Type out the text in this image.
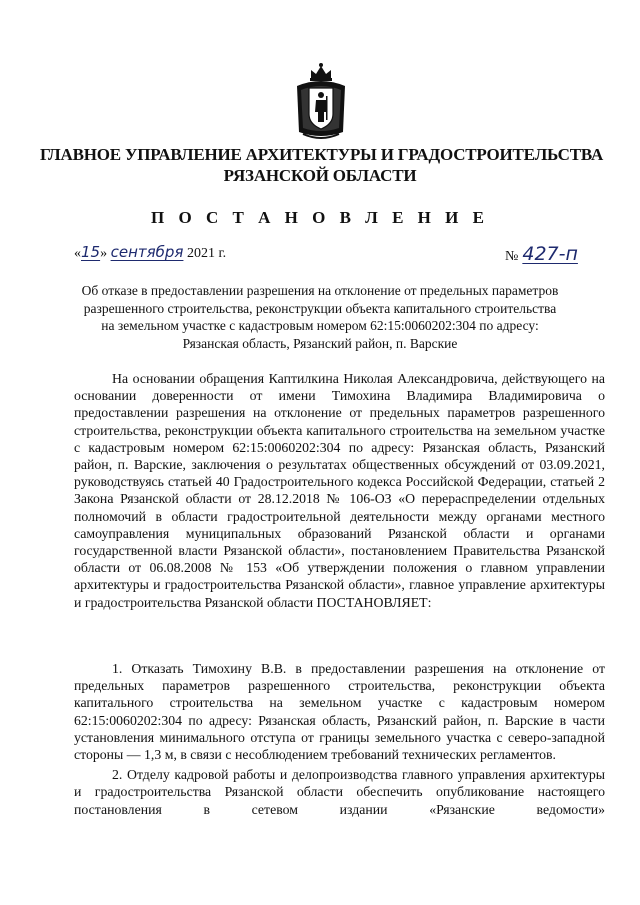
ГЛАВНОЕ УПРАВЛЕНИЕ АРХИТЕКТУРЫ И ГРАДОСТРОИТЕЛЬСТВА
РЯЗАНСКОЙ ОБЛАСТИ
П О С Т А Н О В Л Е Н И Е
«15» сентября 2021 г.	№ 427-п
Об отказе в предоставлении разрешения на отклонение от предельных параметров
разрешенного строительства, реконструкции объекта капитального строительства
на земельном участке с кадастровым номером 62:15:0060202:304 по адресу:
Рязанская область, Рязанский район, п. Варские

На основании обращения Каптилкина Николая Александровича, действующего на основании доверенности от имени Тимохина Владимира Владимировича о предоставлении разрешения на отклонение от предельных параметров разрешенного строительства, реконструкции объекта капитального строительства на земельном участке с кадастровым номером 62:15:0060202:304 по адресу: Рязанская область, Рязанский район, п. Варские, заключения о результатах общественных обсуждений от 03.09.2021, руководствуясь статьей 40 Градостроительного кодекса Российской Федерации, статьей 2 Закона Рязанской области от 28.12.2018 № 106-ОЗ «О перераспределении отдельных полномочий в области градостроительной деятельности между органами местного самоуправления муниципальных образований Рязанской области и органами государственной власти Рязанской области», постановлением Правительства Рязанской области от 06.08.2008 № 153 «Об утверждении положения о главном управлении архитектуры и градостроительства Рязанской области», главное управление архитектуры и градостроительства Рязанской области ПОСТАНОВЛЯЕТ:

1. Отказать Тимохину В.В. в предоставлении разрешения на отклонение от предельных параметров разрешенного строительства, реконструкции объекта капитального строительства на земельном участке с кадастровым номером 62:15:0060202:304 по адресу: Рязанская область, Рязанский район, п. Варские в части установления минимального отступа от границы земельного участка с северо-западной стороны — 1,3 м, в связи с несоблюдением требований технических регламентов.

2. Отделу кадровой работы и делопроизводства главного управления архитектуры и градостроительства Рязанской области обеспечить опубликование настоящего постановления в сетевом издании «Рязанские ведомости»
